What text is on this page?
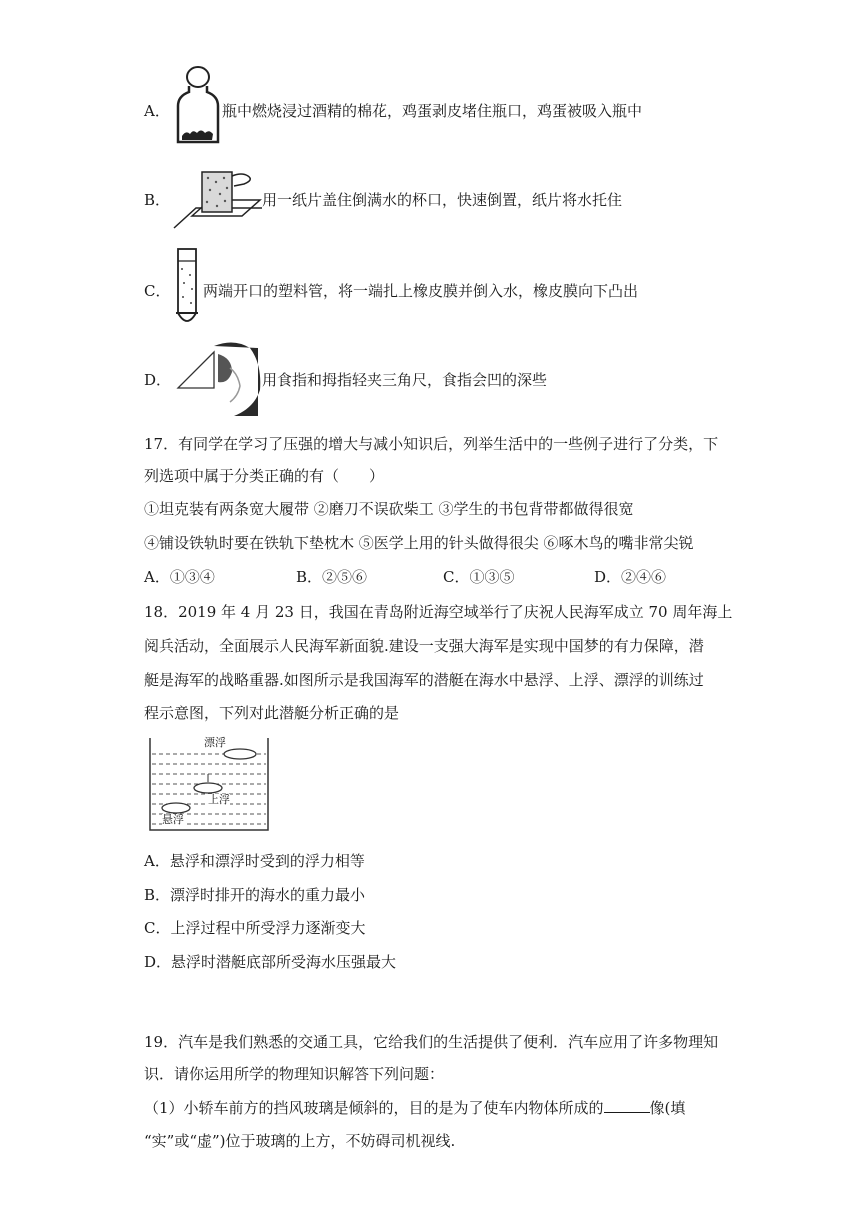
A．	瓶中燃烧浸过酒精的棉花，鸡蛋剥皮堵住瓶口，鸡蛋被吸入瓶中
B．	用一纸片盖住倒满水的杯口，快速倒置，纸片将水托住
C． 两端开口的塑料管，将一端扎上橡皮膜并倒入水，橡皮膜向下凸出
D．	用食指和拇指轻夹三角尺，食指会凹的深些
17．有同学在学习了压强的增大与减小知识后，列举生活中的一些例子进行了分类，下
列选项中属于分类正确的有（　　）
①坦克装有两条宽大履带 ②磨刀不误砍柴工 ③学生的书包背带都做得很宽
④铺设铁轨时要在铁轨下垫枕木 ⑤医学上用的针头做得很尖 ⑥啄木鸟的嘴非常尖锐
A．①③④	B．②⑤⑥	C．①③⑤	D．②④⑥
18．2019 年 4 月 23 日，我国在青岛附近海空域举行了庆祝人民海军成立 70 周年海上
阅兵活动，全面展示人民海军新面貌.建设一支强大海军是实现中国梦的有力保障，潜
艇是海军的战略重器.如图所示是我国海军的潜艇在海水中悬浮、上浮、漂浮的训练过
程示意图，下列对此潜艇分析正确的是
漂浮
上浮
悬浮
A．悬浮和漂浮时受到的浮力相等
B．漂浮时排开的海水的重力最小
C．上浮过程中所受浮力逐渐变大
D．悬浮时潜艇底部所受海水压强最大
19．汽车是我们熟悉的交通工具，它给我们的生活提供了便利．汽车应用了许多物理知
识．请你运用所学的物理知识解答下列问题：
（1）小轿车前方的挡风玻璃是倾斜的，目的是为了使车内物体所成的	像(填
“实”或“虚”)位于玻璃的上方，不妨碍司机视线.
